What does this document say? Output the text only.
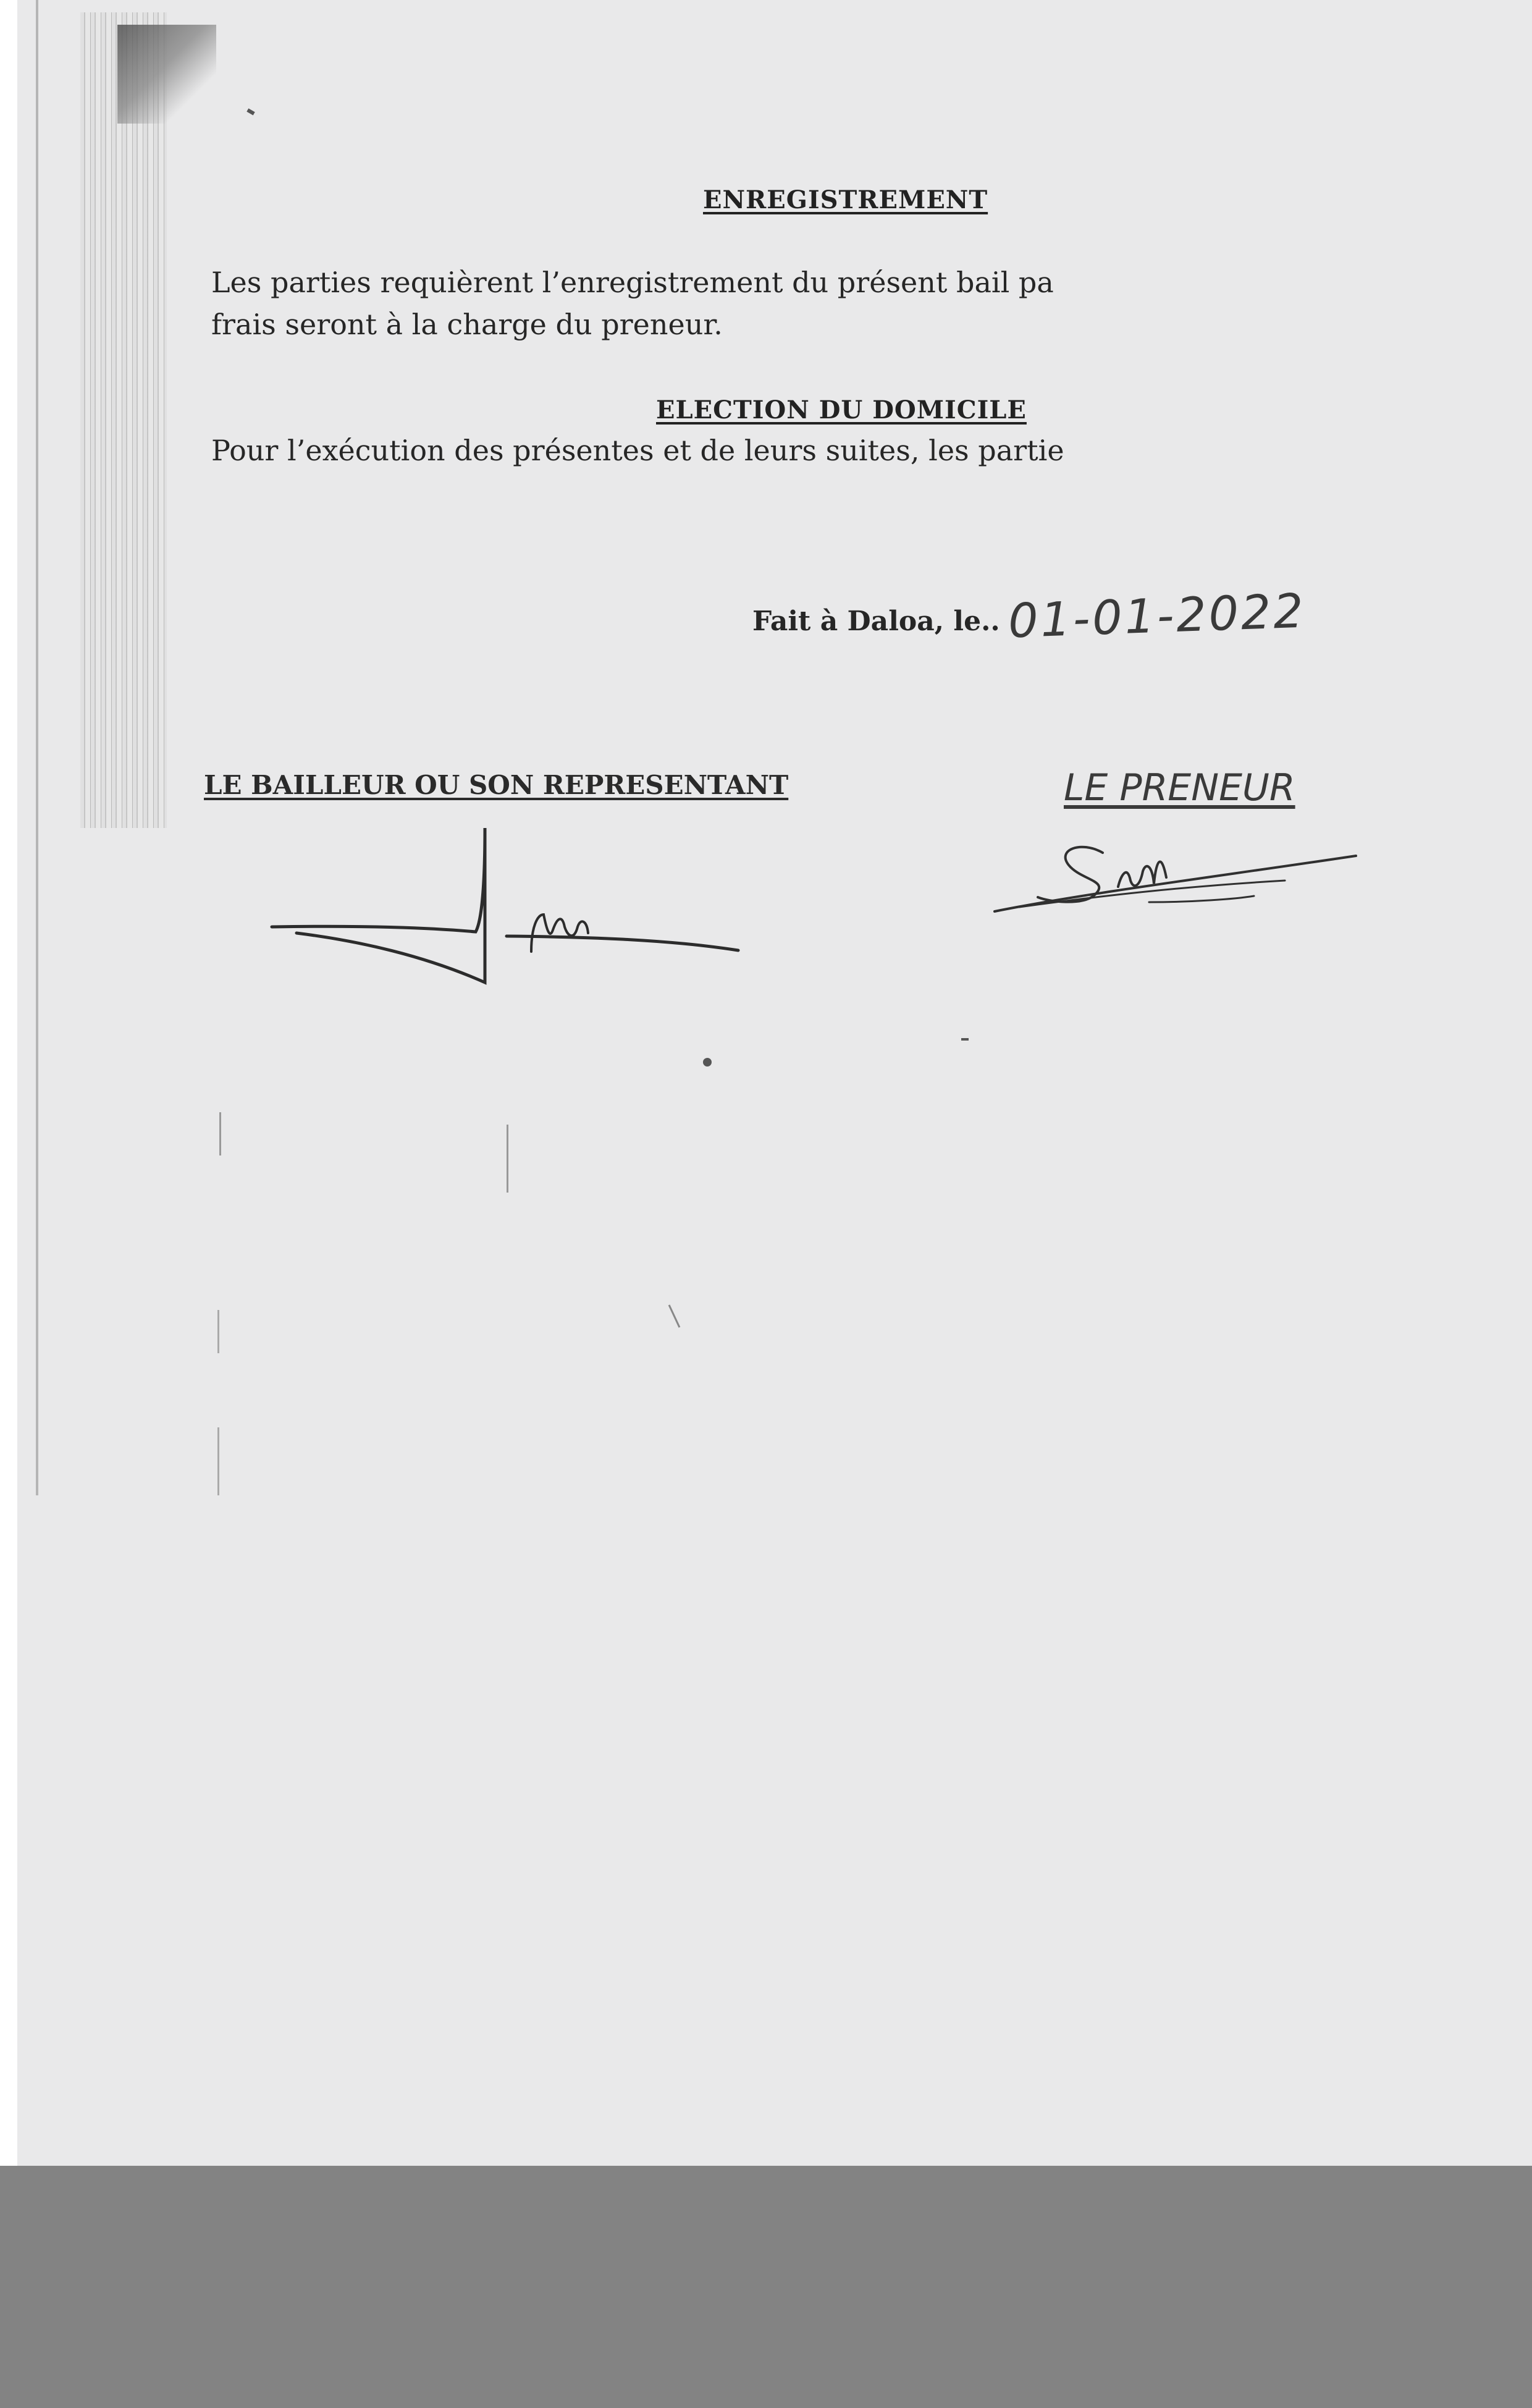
ENREGISTREMENT
Les parties requièrent l’enregistrement du présent bail pa
frais seront à la charge du preneur.
ELECTION DU DOMICILE
Pour l’exécution des présentes et de leurs suites, les partie
Fait à Daloa, le.. 01-01-2022
LE BAILLEUR OU SON REPRESENTANT	LE PRENEUR
